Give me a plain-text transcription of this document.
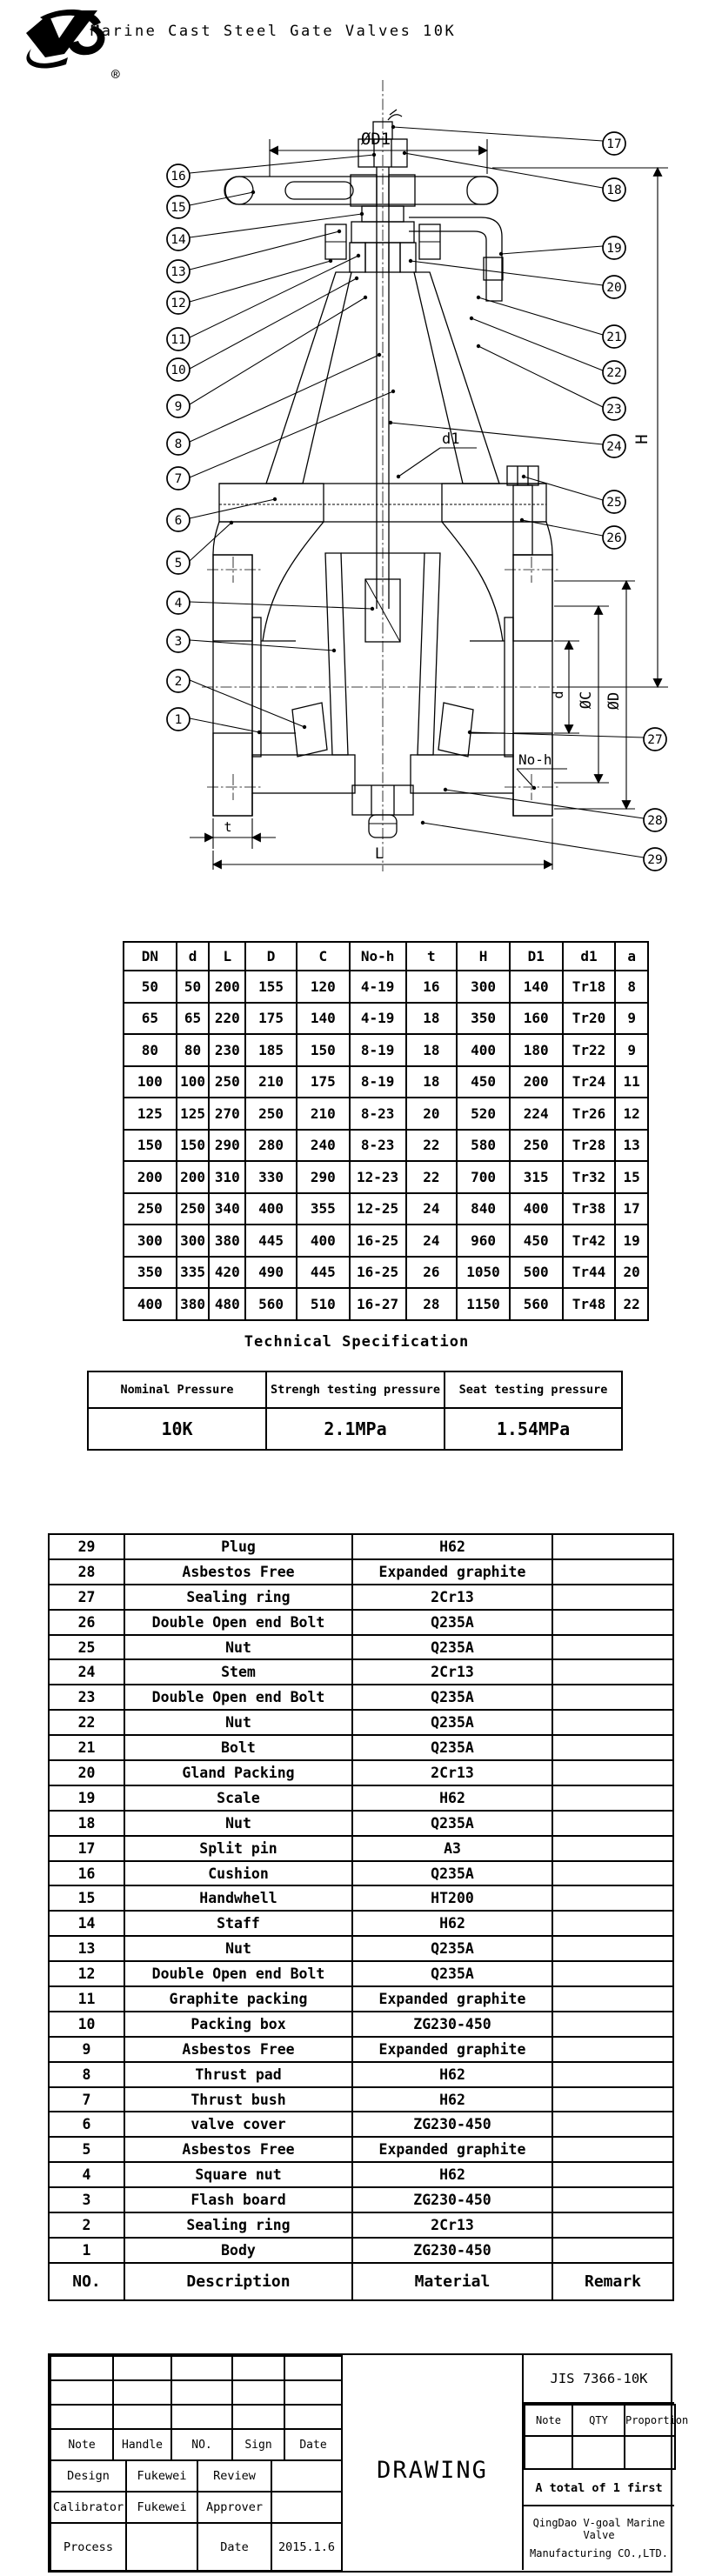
®
Marine Cast Steel Gate Valves 10K
ØD1
H
d1
d ØC ØD
No-h
t
L
16
15
14
13
12
11
10
9
8
7
6
5
4
3
2
1
17
18
19
20
21
22
23
24
25
26
27
28
29
DN	d	L	D	C	No-h	t	H	D1	d1	a
50	50	200	155	120	4-19	16	300	140	Tr18	8
65	65	220	175	140	4-19	18	350	160	Tr20	9
80	80	230	185	150	8-19	18	400	180	Tr22	9
100	100	250	210	175	8-19	18	450	200	Tr24	11
125	125	270	250	210	8-23	20	520	224	Tr26	12
150	150	290	280	240	8-23	22	580	250	Tr28	13
200	200	310	330	290	12-23	22	700	315	Tr32	15
250	250	340	400	355	12-25	24	840	400	Tr38	17
300	300	380	445	400	16-25	24	960	450	Tr42	19
350	335	420	490	445	16-25	26	1050	500	Tr44	20
400	380	480	560	510	16-27	28	1150	560	Tr48	22
Technical Specification
Nominal Pressure	Strengh testing pressure	Seat testing pressure
10K	2.1MPa	1.54MPa
29	Plug	H62	
28	Asbestos Free	Expanded graphite	
27	Sealing ring	2Cr13	
26	Double Open end Bolt	Q235A	
25	Nut	Q235A	
24	Stem	2Cr13	
23	Double Open end Bolt	Q235A	
22	Nut	Q235A	
21	Bolt	Q235A	
20	Gland Packing	2Cr13	
19	Scale	H62	
18	Nut	Q235A	
17	Split pin	A3	
16	Cushion	Q235A	
15	Handwhell	HT200	
14	Staff	H62	
13	Nut	Q235A	
12	Double Open end Bolt	Q235A	
11	Graphite packing	Expanded graphite	
10	Packing box	ZG230-450	
9	Asbestos Free	Expanded graphite	
8	Thrust pad	H62	
7	Thrust bush	H62	
6	valve cover	ZG230-450	
5	Asbestos Free	Expanded graphite	
4	Square nut	H62	
3	Flash board	ZG230-450	
2	Sealing ring	2Cr13	
1	Body	ZG230-450	
NO.	Description	Material	Remark

Note	Handle	NO.	Sign	Date
Design	Fukewei	Review	
Calibrator	Fukewei	Approver	
Process		Date	2015.1.6
DRAWING
JIS 7366-10K
Note	QTY	Proportion

A total of 1 first
QingDao V-goal Marine Valve
Manufacturing CO.,LTD.
